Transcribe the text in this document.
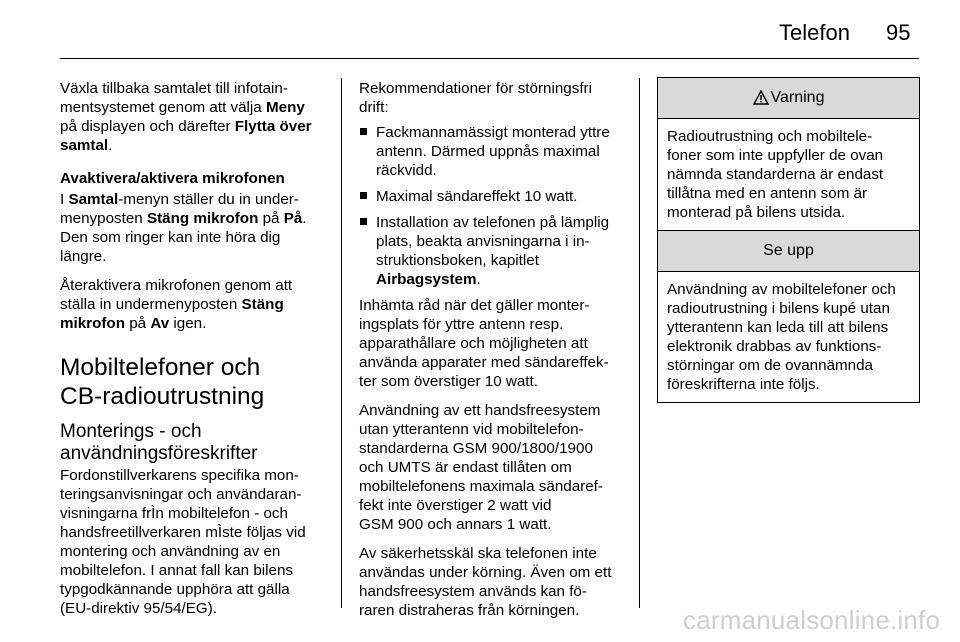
Telefon 95

Växla tillbaka samtalet till infotain-
mentsystemet genom att välja Meny
på displayen och därefter Flytta över
samtal.

Avaktivera/aktivera mikrofonen

I Samtal-menyn ställer du in under-
menyposten Stäng mikrofon på På.
Den som ringer kan inte höra dig
längre.

Återaktivera mikrofonen genom att
ställa in undermenyposten Stäng
mikrofon på Av igen.

Mobiltelefoner och
CB-radioutrustning
Monterings - och
användningsföreskrifter

Fordonstillverkarens specifika mon-
teringsanvisningar och användaran-
visningarna frÌn mobiltelefon - och
handsfreetillverkaren mÌste följas vid
montering och användning av en
mobiltelefon. I annat fall kan bilens
typgodkännande upphöra att gälla
(EU-direktiv 95/54/EG).

Rekommendationer för störningsfri
drift:

Fackmannamässigt monterad yttre
antenn. Därmed uppnås maximal
räckvidd.
Maximal sändareffekt 10 watt.
Installation av telefonen på lämplig
plats, beakta anvisningarna i in-
struktionsboken, kapitlet
Airbagsystem.

Inhämta råd när det gäller monter-
ingsplats för yttre antenn resp.
apparathållare och möjligheten att
använda apparater med sändareffek-
ter som överstiger 10 watt.

Användning av ett handsfreesystem
utan ytterantenn vid mobiltelefon-
standarderna GSM 900/1800/1900
och UMTS är endast tillåten om
mobiltelefonens maximala sändaref-
fekt inte överstiger 2 watt vid
GSM 900 och annars 1 watt.

Av säkerhetsskäl ska telefonen inte
användas under körning. Även om ett
handsfreesystem används kan fö-
raren distraheras från körningen.

Varning
Radioutrustning och mobiltele-
foner som inte uppfyller de ovan
nämnda standarderna är endast
tillåtna med en antenn som är
monterad på bilens utsida.
Se upp
Användning av mobiltelefoner och
radioutrustning i bilens kupé utan
ytterantenn kan leda till att bilens
elektronik drabbas av funktions-
störningar om de ovannämnda
föreskrifterna inte följs.
carmanualsonline.info
